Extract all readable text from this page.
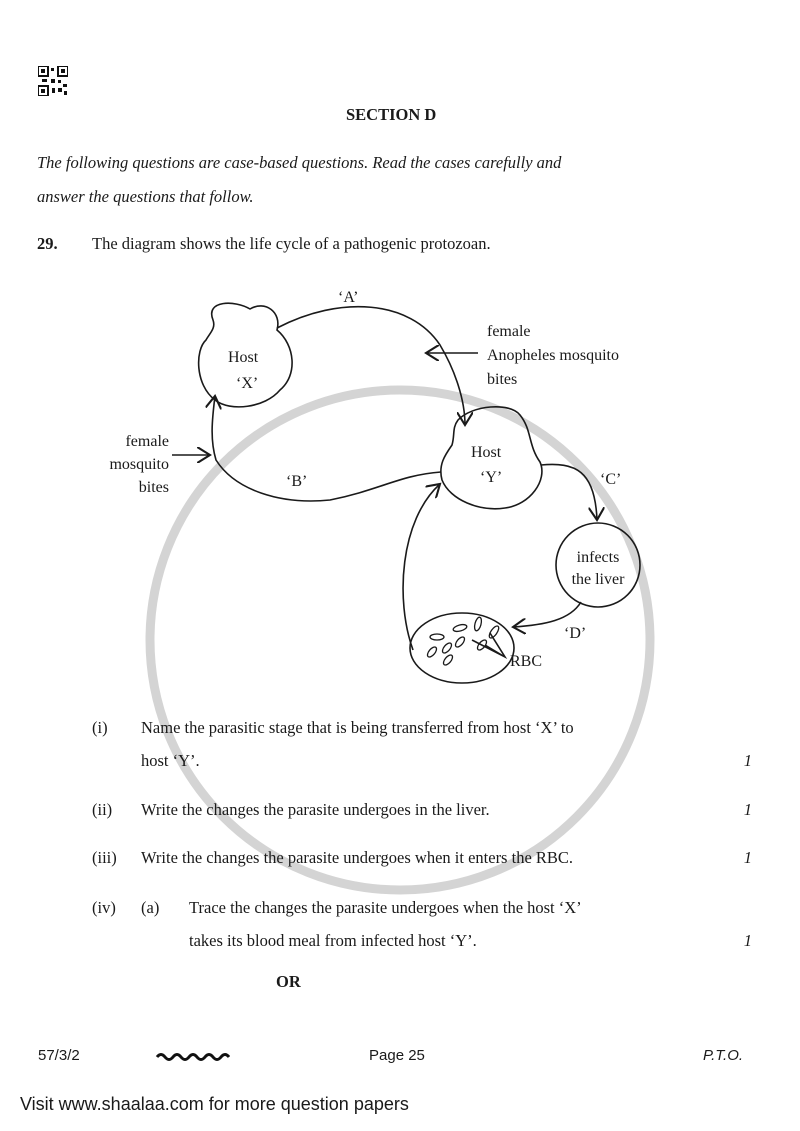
SECTION D
The following questions are case-based questions. Read the cases carefully and
answer the questions that follow.
29. The diagram shows the life cycle of a pathogenic protozoan.
Host
‘X’
Host
‘Y’
‘A’
‘B’	‘C’
‘D’
female
Anopheles mosquito
bites
female
mosquito
bites
infects
the liver
RBC
(i) Name the parasitic stage that is being transferred from host ‘X’ to
host ‘Y’.	1
(ii) Write the changes the parasite undergoes in the liver.	1
(iii) Write the changes the parasite undergoes when it enters the RBC.	1
(iv) (a) Trace the changes the parasite undergoes when the host ‘X’
takes its blood meal from infected host ‘Y’.	1
OR
57/3/2	Page 25	P.T.O.
Visit www.shaalaa.com for more question papers
